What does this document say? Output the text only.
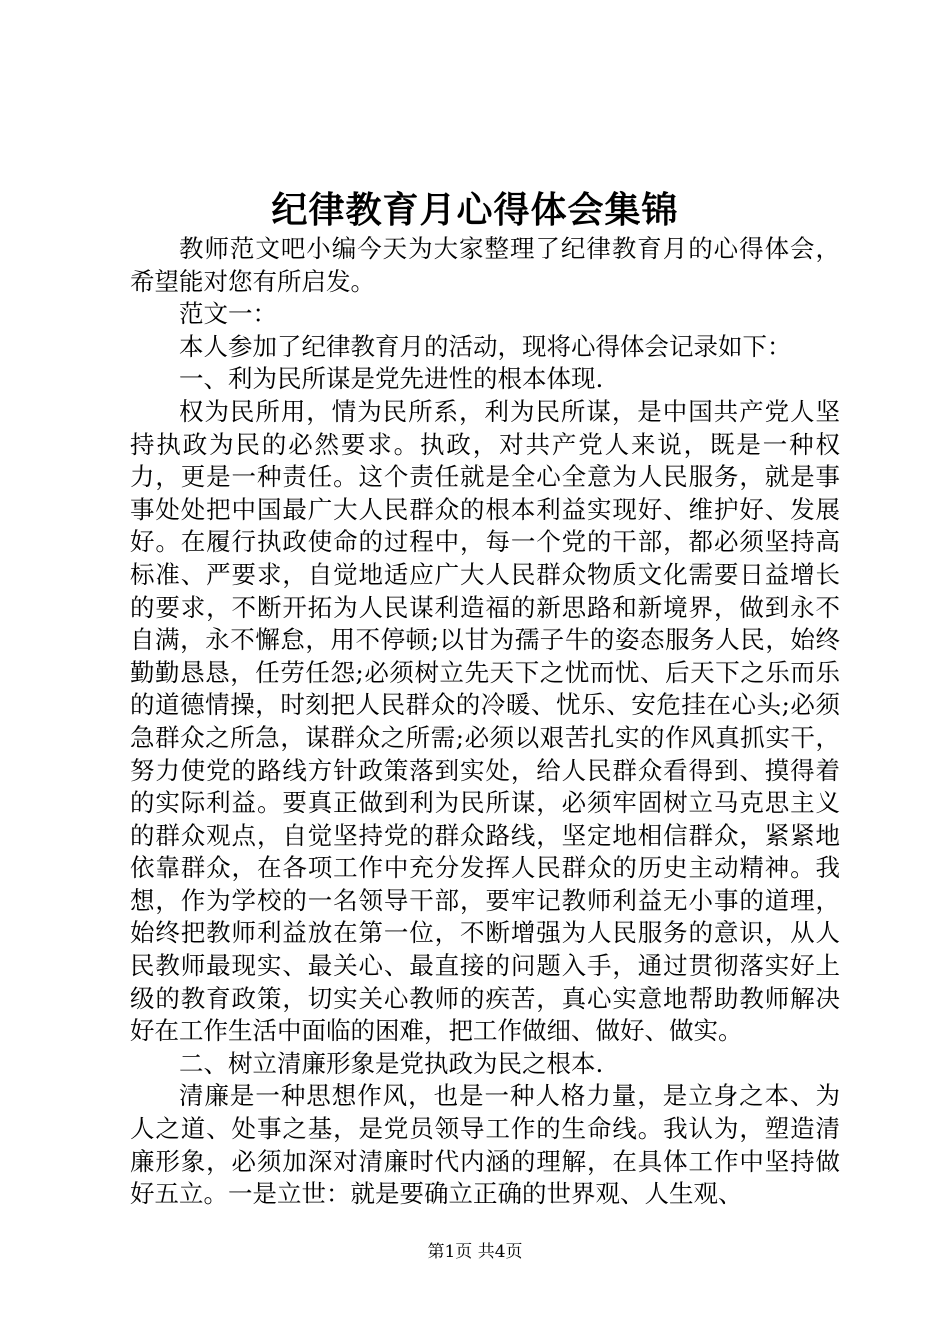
纪律教育月心得体会集锦

教师范文吧小编今天为大家整理了纪律教育月的心得体会，希望能对您有所启发。

范文一：

本人参加了纪律教育月的活动，现将心得体会记录如下：

一、利为民所谋是党先进性的根本体现.

权为民所用，情为民所系，利为民所谋，是中国共产党人坚持执政为民的必然要求。执政，对共产党人来说，既是一种权力，更是一种责任。这个责任就是全心全意为人民服务，就是事事处处把中国最广大人民群众的根本利益实现好、维护好、发展好。在履行执政使命的过程中，每一个党的干部，都必须坚持高标准、严要求，自觉地适应广大人民群众物质文化需要日益增长的要求，不断开拓为人民谋利造福的新思路和新境界，做到永不自满，永不懈怠，用不停顿;以甘为孺子牛的姿态服务人民，始终勤勤恳恳，任劳任怨;必须树立先天下之忧而忧、后天下之乐而乐的道德情操，时刻把人民群众的冷暖、忧乐、安危挂在心头;必须急群众之所急，谋群众之所需;必须以艰苦扎实的作风真抓实干，努力使党的路线方针政策落到实处，给人民群众看得到、摸得着的实际利益。要真正做到利为民所谋，必须牢固树立马克思主义的群众观点，自觉坚持党的群众路线，坚定地相信群众，紧紧地依靠群众，在各项工作中充分发挥人民群众的历史主动精神。我想，作为学校的一名领导干部，要牢记教师利益无小事的道理，始终把教师利益放在第一位，不断增强为人民服务的意识，从人民教师最现实、最关心、最直接的问题入手，通过贯彻落实好上级的教育政策，切实关心教师的疾苦，真心实意地帮助教师解决好在工作生活中面临的困难，把工作做细、做好、做实。

二、树立清廉形象是党执政为民之根本.

清廉是一种思想作风，也是一种人格力量，是立身之本、为人之道、处事之基，是党员领导工作的生命线。我认为，塑造清廉形象，必须加深对清廉时代内涵的理解，在具体工作中坚持做好五立。一是立世：就是要确立正确的世界观、人生观、

第1页 共4页
